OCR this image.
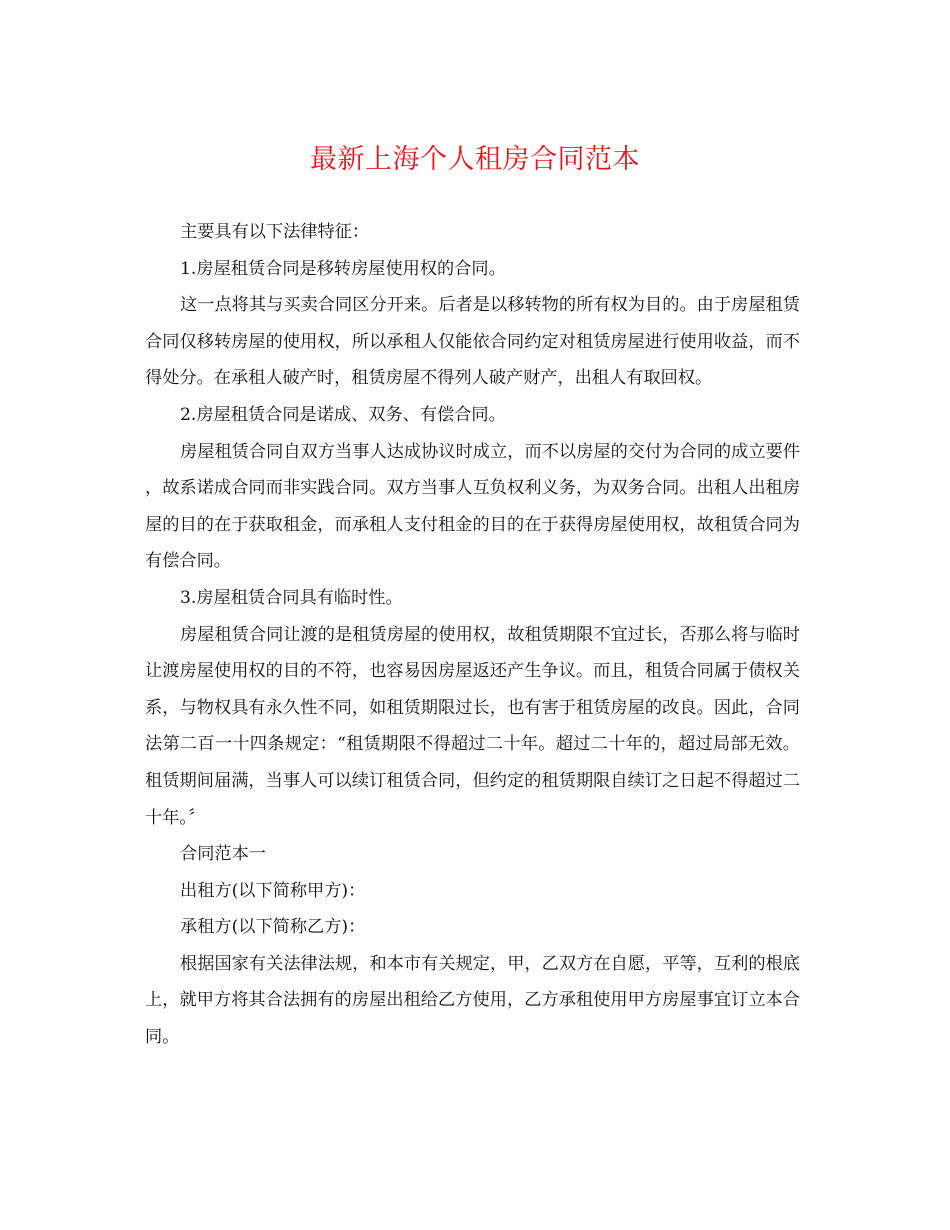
最新上海个人租房合同范本

主要具有以下法律特征：

1.房屋租赁合同是移转房屋使用权的合同。

这一点将其与买卖合同区分开来。后者是以移转物的所有权为目的。由于房屋租赁合同仅移转房屋的使用权，所以承租人仅能依合同约定对租赁房屋进行使用收益，而不得处分。在承租人破产时，租赁房屋不得列人破产财产，出租人有取回权。

2.房屋租赁合同是诺成、双务、有偿合同。

房屋租赁合同自双方当事人达成协议时成立，而不以房屋的交付为合同的成立要件，故系诺成合同而非实践合同。双方当事人互负权利义务，为双务合同。出租人出租房屋的目的在于获取租金，而承租人支付租金的目的在于获得房屋使用权，故租赁合同为有偿合同。

3.房屋租赁合同具有临时性。

房屋租赁合同让渡的是租赁房屋的使用权，故租赁期限不宜过长，否那么将与临时让渡房屋使用权的目的不符，也容易因房屋返还产生争议。而且，租赁合同属于债权关系，与物权具有永久性不同，如租赁期限过长，也有害于租赁房屋的改良。因此，合同法第二百一十四条规定：“租赁期限不得超过二十年。超过二十年的，超过局部无效。租赁期间届满，当事人可以续订租赁合同，但约定的租赁期限自续订之日起不得超过二十年。〞

合同范本一

出租方(以下简称甲方)：

承租方(以下简称乙方)：

根据国家有关法律法规，和本市有关规定，甲，乙双方在自愿，平等，互利的根底上，就甲方将其合法拥有的房屋出租给乙方使用，乙方承租使用甲方房屋事宜订立本合同。
